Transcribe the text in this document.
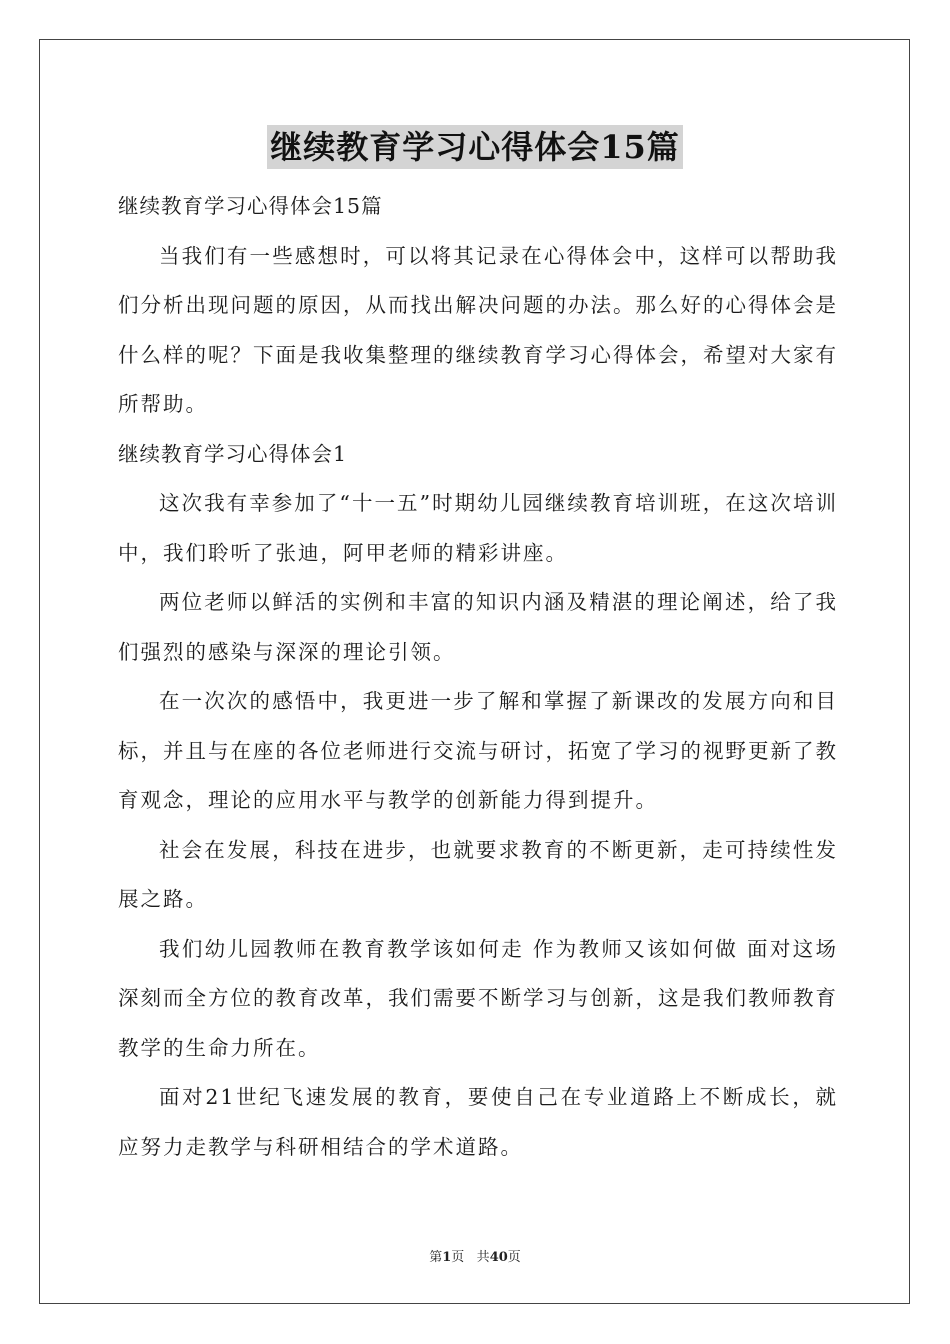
继续教育学习心得体会15篇

继续教育学习心得体会15篇

当我们有一些感想时，可以将其记录在心得体会中，这样可以帮助我们分析出现问题的原因，从而找出解决问题的办法。那么好的心得体会是什么样的呢？下面是我收集整理的继续教育学习心得体会，希望对大家有所帮助。

继续教育学习心得体会1

这次我有幸参加了“十一五”时期幼儿园继续教育培训班，在这次培训中，我们聆听了张迪，阿甲老师的精彩讲座。

两位老师以鲜活的实例和丰富的知识内涵及精湛的理论阐述，给了我们强烈的感染与深深的理论引领。

在一次次的感悟中，我更进一步了解和掌握了新课改的发展方向和目标，并且与在座的各位老师进行交流与研讨，拓宽了学习的视野更新了教育观念，理论的应用水平与教学的创新能力得到提升。

社会在发展，科技在进步，也就要求教育的不断更新，走可持续性发展之路。

我们幼儿园教师在教育教学该如何走 作为教师又该如何做 面对这场深刻而全方位的教育改革，我们需要不断学习与创新，这是我们教师教育教学的生命力所在。

面对21世纪飞速发展的教育，要使自己在专业道路上不断成长，就应努力走教学与科研相结合的学术道路。

第1页 共40页
